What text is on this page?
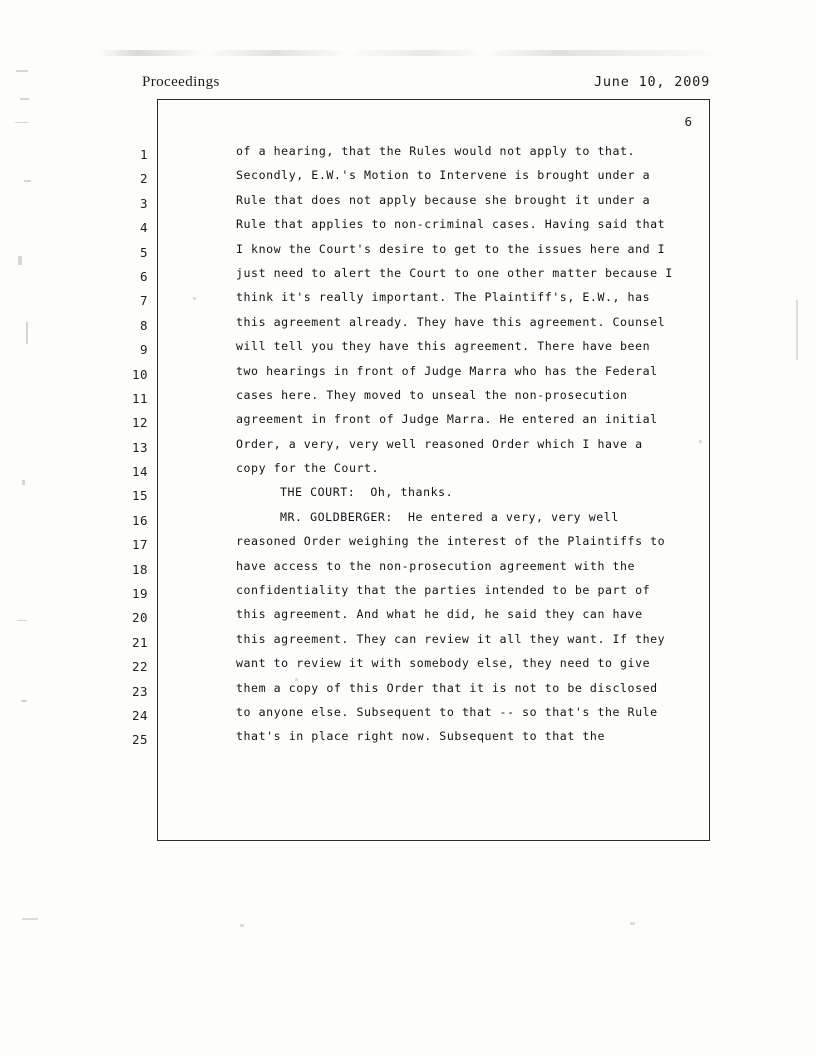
Proceedings	June 10, 2009
6
1
2
3
4
5
6
7
8
9
10
11
12
13
14
15
16
17
18
19
20
21
22
23
24
25
of a hearing, that the Rules would not apply to that.
Secondly, E.W.'s Motion to Intervene is brought under a
Rule that does not apply because she brought it under a
Rule that applies to non-criminal cases. Having said that
I know the Court's desire to get to the issues here and I
just need to alert the Court to one other matter because I
think it's really important. The Plaintiff's, E.W., has
this agreement already. They have this agreement. Counsel
will tell you they have this agreement. There have been
two hearings in front of Judge Marra who has the Federal
cases here. They moved to unseal the non-prosecution
agreement in front of Judge Marra. He entered an initial
Order, a very, very well reasoned Order which I have a
copy for the Court.
THE COURT:  Oh, thanks.
MR. GOLDBERGER:  He entered a very, very well
reasoned Order weighing the interest of the Plaintiffs to
have access to the non-prosecution agreement with the
confidentiality that the parties intended to be part of
this agreement. And what he did, he said they can have
this agreement. They can review it all they want. If they
want to review it with somebody else, they need to give
them a copy of this Order that it is not to be disclosed
to anyone else. Subsequent to that -- so that's the Rule
that's in place right now. Subsequent to that the
